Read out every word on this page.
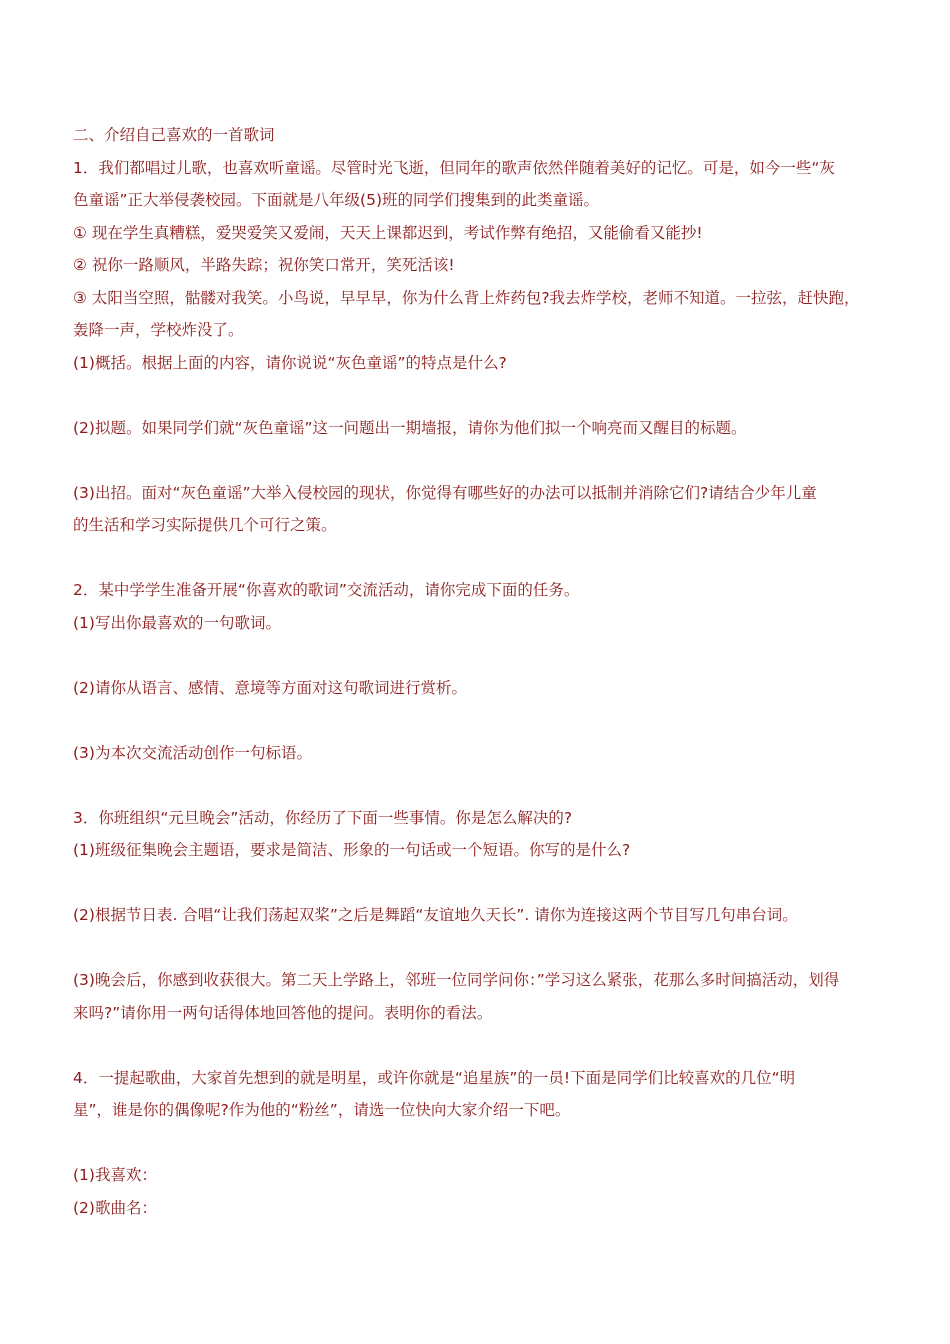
二、介绍自己喜欢的一首歌词
1．我们都唱过儿歌，也喜欢听童谣。尽管时光飞逝，但同年的歌声依然伴随着美好的记忆。可是，如今一些“灰
色童谣”正大举侵袭校园。下面就是八年级(5)班的同学们搜集到的此类童谣。
① 现在学生真糟糕，爱哭爱笑又爱闹，天天上课都迟到，考试作弊有绝招，又能偷看又能抄!
② 祝你一路顺风，半路失踪；祝你笑口常开，笑死活该!
③ 太阳当空照，骷髅对我笑。小鸟说，早早早，你为什么背上炸药包?我去炸学校，老师不知道。一拉弦，赶快跑，
轰降一声，学校炸没了。
(1)概括。根据上面的内容，请你说说“灰色童谣”的特点是什么?
(2)拟题。如果同学们就“灰色童谣”这一问题出一期墙报，请你为他们拟一个响亮而又醒目的标题。
(3)出招。面对“灰色童谣”大举入侵校园的现状，你觉得有哪些好的办法可以抵制并消除它们?请结合少年儿童
的生活和学习实际提供几个可行之策。
2．某中学学生准备开展“你喜欢的歌词”交流活动，请你完成下面的任务。
(1)写出你最喜欢的一句歌词。
(2)请你从语言、感情、意境等方面对这句歌词进行赏析。
(3)为本次交流活动创作一句标语。
3．你班组织“元旦晚会”活动，你经历了下面一些事情。你是怎么解决的?
(1)班级征集晚会主题语，要求是简洁、形象的一句话或一个短语。你写的是什么?
(2)根据节日表. 合唱“让我们荡起双桨”之后是舞蹈“友谊地久天长”. 请你为连接这两个节目写几句串台词。
(3)晚会后，你感到收获很大。第二天上学路上，邻班一位同学问你：”学习这么紧张，花那么多时间搞活动，划得
来吗?”请你用一两句话得体地回答他的提问。表明你的看法。
4．一提起歌曲，大家首先想到的就是明星，或许你就是“追星族”的一员!下面是同学们比较喜欢的几位“明
星”，谁是你的偶像呢?作为他的“粉丝”，请选一位快向大家介绍一下吧。
(1)我喜欢：
(2)歌曲名：
